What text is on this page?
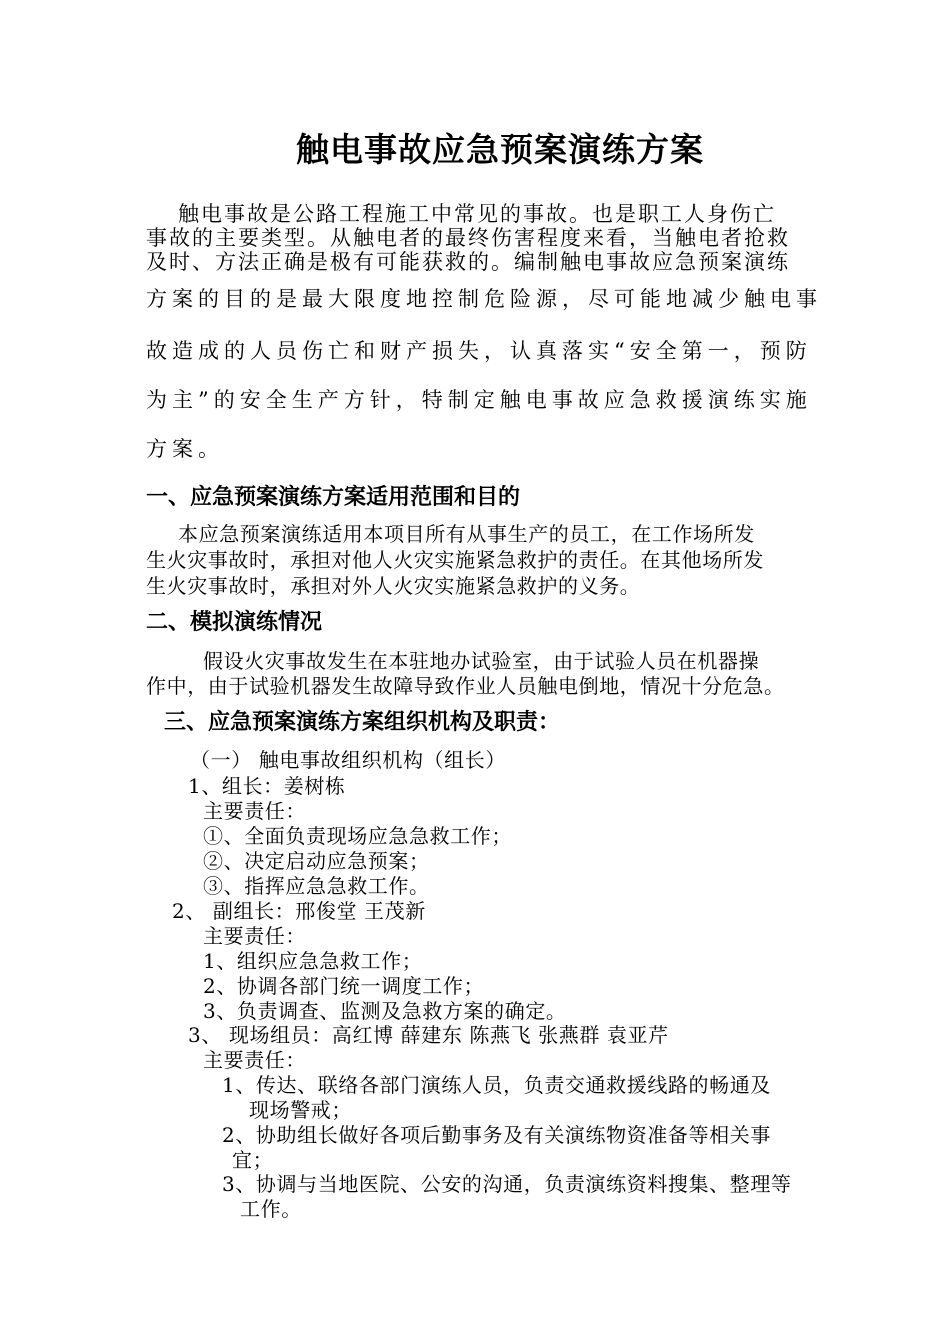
触电事故应急预案演练方案
触电事故是公路工程施工中常见的事故。也是职工人身伤亡
事故的主要类型。从触电者的最终伤害程度来看，当触电者抢救
及时、方法正确是极有可能获救的。编制触电事故应急预案演练
方案的目的是最大限度地控制危险源，尽可能地减少触电事
故造成的人员伤亡和财产损失，认真落实“安全第一，预防
为主”的安全生产方针，特制定触电事故应急救援演练实施
方案。
一、应急预案演练方案适用范围和目的
本应急预案演练适用本项目所有从事生产的员工，在工作场所发
生火灾事故时，承担对他人火灾实施紧急救护的责任。在其他场所发
生火灾事故时，承担对外人火灾实施紧急救护的义务。
二、模拟演练情况
假设火灾事故发生在本驻地办试验室，由于试验人员在机器操
作中，由于试验机器发生故障导致作业人员触电倒地，情况十分危急。
三、应急预案演练方案组织机构及职责：
（一） 触电事故组织机构（组长）
1、组长：姜树栋
主要责任：
①、全面负责现场应急急救工作；
②、决定启动应急预案；
③、指挥应急急救工作。
2、 副组长：邢俊堂 王茂新
主要责任：
1、组织应急急救工作；
2、协调各部门统一调度工作；
3、负责调查、监测及急救方案的确定。
3、 现场组员：高红博 薛建东 陈燕飞 张燕群 袁亚芹
主要责任：
1、传达、联络各部门演练人员，负责交通救援线路的畅通及
现场警戒；
2、协助组长做好各项后勤事务及有关演练物资准备等相关事
宜；
3、协调与当地医院、公安的沟通，负责演练资料搜集、整理等
工作。
